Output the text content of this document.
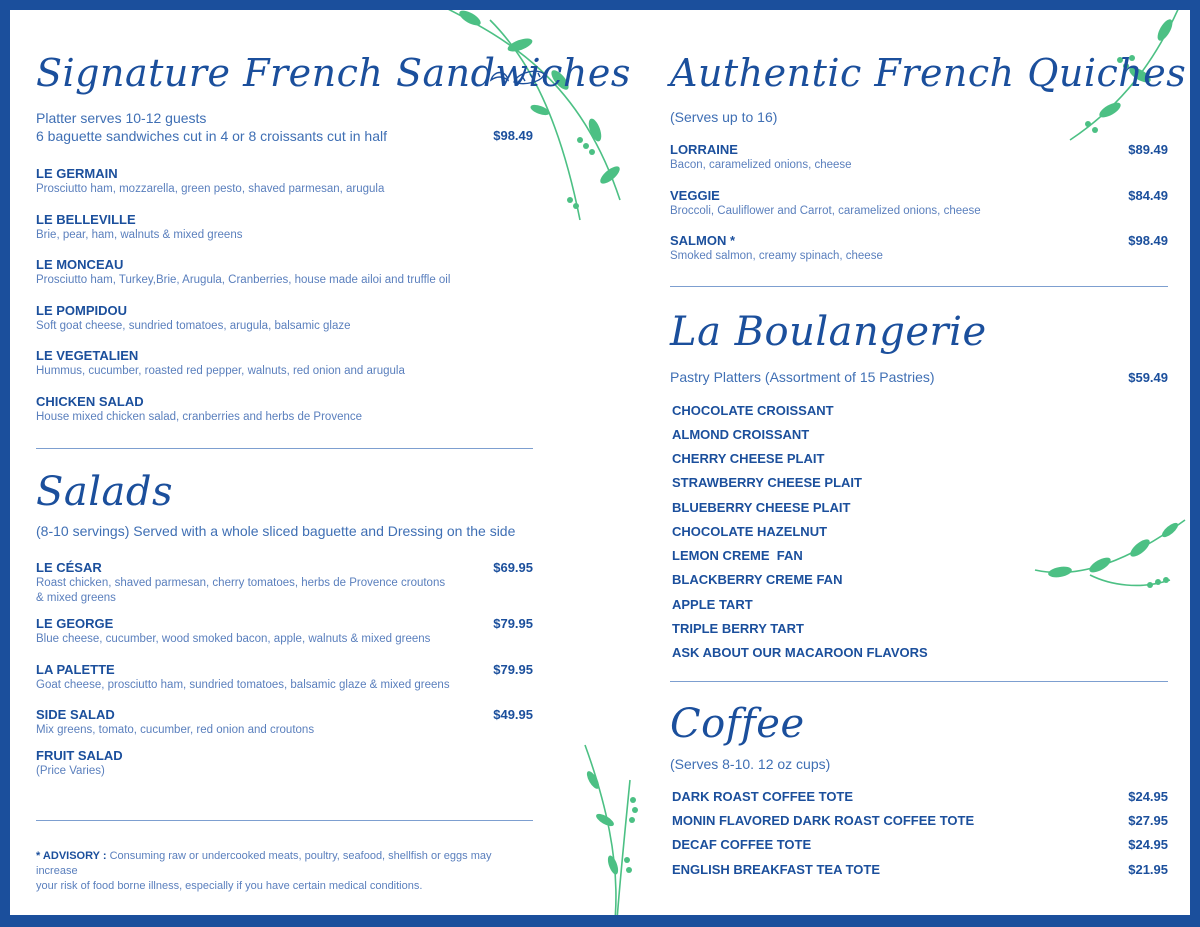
Signature French Sandwiches
Platter serves 10-12 guests
6 baguette sandwiches cut in 4 or 8 croissants cut in half	$98.49
LE GERMAIN
Prosciutto ham, mozzarella, green pesto, shaved parmesan, arugula
LE BELLEVILLE
Brie, pear, ham, walnuts & mixed greens
LE MONCEAU
Prosciutto ham, Turkey,Brie, Arugula, Cranberries, house made ailoi and truffle oil
LE POMPIDOU
Soft goat cheese, sundried tomatoes, arugula, balsamic glaze
LE VEGETALIEN
Hummus, cucumber, roasted red pepper, walnuts, red onion and arugula
CHICKEN SALAD
House mixed chicken salad, cranberries and herbs de Provence
Salads
(8-10 servings) Served with a whole sliced baguette and Dressing on the side
LE CÉSAR
Roast chicken, shaved parmesan, cherry tomatoes, herbs de Provence croutons
& mixed greens
$69.95
LE GEORGE
Blue cheese, cucumber, wood smoked bacon, apple, walnuts & mixed greens
$79.95
LA PALETTE
Goat cheese, prosciutto ham, sundried tomatoes, balsamic glaze & mixed greens
$79.95
SIDE SALAD
Mix greens, tomato, cucumber, red onion and croutons
$49.95
FRUIT SALAD
(Price Varies)
* ADVISORY : Consuming raw or undercooked meats, poultry, seafood, shellfish or eggs may increase
your risk of food borne illness, especially if you have certain medical conditions.
Authentic French Quiches
(Serves up to 16)
LORRAINE
Bacon, caramelized onions, cheese
$89.49
VEGGIE
Broccoli, Cauliflower and Carrot, caramelized onions, cheese
$84.49
SALMON *
Smoked salmon, creamy spinach, cheese
$98.49
La Boulangerie
Pastry Platters (Assortment of 15 Pastries)	$59.49
CHOCOLATE CROISSANT
ALMOND CROISSANT
CHERRY CHEESE PLAIT
STRAWBERRY CHEESE PLAIT
BLUEBERRY CHEESE PLAIT
CHOCOLATE HAZELNUT
LEMON CREME  FAN
BLACKBERRY CREME FAN
APPLE TART
TRIPLE BERRY TART
ASK ABOUT OUR MACAROON FLAVORS
Coffee
(Serves 8-10. 12 oz cups)
DARK ROAST COFFEE TOTE	$24.95
MONIN FLAVORED DARK ROAST COFFEE TOTE	$27.95
DECAF COFFEE TOTE	$24.95
ENGLISH BREAKFAST TEA TOTE	$21.95
